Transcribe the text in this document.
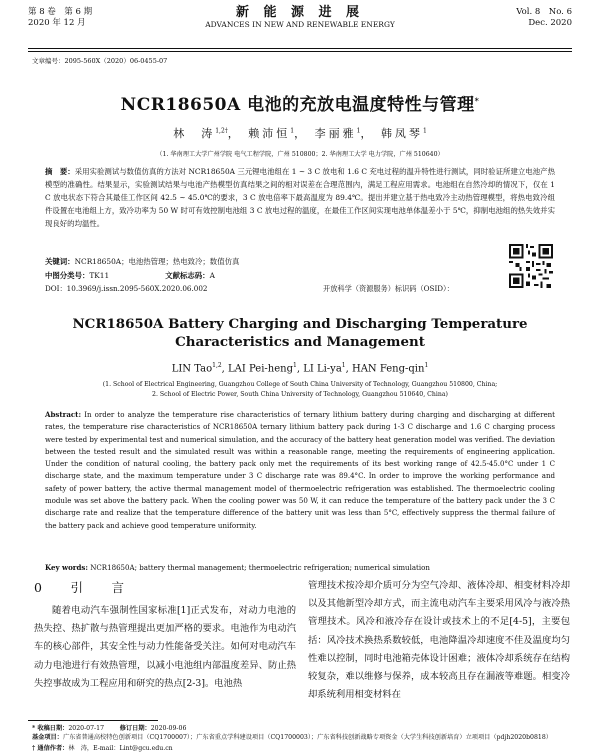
第 8 卷　第 6 期
2020 年 12 月
新 能 源 进 展
ADVANCES IN NEW AND RENEWABLE ENERGY
Vol. 8　No. 6
Dec. 2020
文章编号：2095-560X（2020）06-0455-07
NCR18650A 电池的充放电温度特性与管理*
林　涛$^{1,2\dagger}$， 赖沛恒$^1$， 李丽雅$^1$， 韩凤琴$^1$
（1. 华南理工大学广州学院 电气工程学院，广州 510800；2. 华南理工大学 电力学院，广州 510640）
摘　要：采用实验测试与数值仿真的方法对 NCR18650A 三元锂电池组在 1 ~ 3 C 放电和 1.6 C 充电过程的温升特性进行测试，同时验证所建立电池产热模型的准确性。结果显示，实验测试结果与电池产热模型仿真结果之间的相对误差在合理范围内，满足工程应用需求。电池组在自然冷却的情况下，仅在 1 C 放电状态下符合其最佳工作区间 42.5 ~ 45.0℃的要求，3 C 放电倍率下最高温度为 89.4℃。提出并建立基于热电致冷主动热管理模型，将热电致冷组件设置在电池组上方，致冷功率为 50 W 时可有效控制电池组 3 C 放电过程的温度，在最佳工作区间实现电池单体温差小于 5℃，抑制电池组的热失效并实现良好的均温性。
关键词：NCR18650A；电池热管理；热电致冷；数值仿真
中图分类号：TK11	文献标志码：A
DOI：10.3969/j.issn.2095-560X.2020.06.002	开放科学（资源服务）标识码（OSID）：
NCR18650A Battery Charging and Discharging Temperature
Characteristics and Management
LIN Tao$^{1,2}$, LAI Pei-heng$^1$, LI $Li-ya^1$, HAN Feng-qin$^1$
(1. School of Electrical Engineering, Guangzhou College of South China University of Technology, Guangzhou 510800, China;
2. School of Electric Power, South China University of Technology, Guangzhou 510640, China)
Abstract: In order to analyze the temperature rise characteristics of ternary lithium battery during charging and discharging at different rates, the temperature rise characteristics of NCR18650A ternary lithium battery pack during 1-3 C discharge and 1.6 C charging process were tested by experimental test and numerical simulation, and the accuracy of the battery heat generation model was verified. The deviation between the tested result and the simulated result was within a reasonable range, meeting the requirements of engineering application. Under the condition of natural cooling, the battery pack only met the requirements of its best working range of 42.5-45.0°C under 1 C discharge state, and the maximum temperature under 3 C discharge rate was 89.4°C. In order to improve the working performance and safety of power battery, the active thermal management model of thermoelectric refrigeration was established. The thermoelectric cooling module was set above the battery pack. When the cooling power was 50 W, it can reduce the temperature of the battery pack under the 3 C discharge rate and realize that the temperature difference of the battery unit was less than 5°C, effectively suppress the thermal failure of the battery pack and achieve good temperature uniformity.
Key words: NCR18650A; battery thermal management; thermoelectric refrigeration; numerical simulation
0　引　言
随着电动汽车强制性国家标准[1]正式发布，对动力电池的热失控、热扩散与热管理提出更加严格的要求。电池作为电动汽车的核心部件，其安全性与动力性能备受关注。如何对电动汽车动力电池进行有效热管理，以减小电池组内部温度差异、防止热失控事故成为工程应用和研究的热点[2-3]。电池热
管理技术按冷却介质可分为空气冷却、液体冷却、相变材料冷却以及其他新型冷却方式，而主流电动汽车主要采用风冷与液冷热管理技术。风冷和液冷存在设计或技术上的不足[4-5]，主要包括：风冷技术换热系数较低，电池降温冷却速度不佳及温度均匀性难以控制，同时电池箱壳体设计困难；液体冷却系统存在结构较复杂，难以维修与保养，成本较高且存在漏液等难题。相变冷却系统利用相变材料在
* 收稿日期：2020-07-17	修订日期：2020-09-06
基金项目：广东省普通高校特色创新项目（CQ1700007）；广东省重点学科建设项目（CQ1700003）；广东省科技创新战略专项资金（大学生科技创新培育）立项项目（pdjh2020b0818）
† 通信作者：林　涛，E-mail：Lint@gcu.edu.cn
